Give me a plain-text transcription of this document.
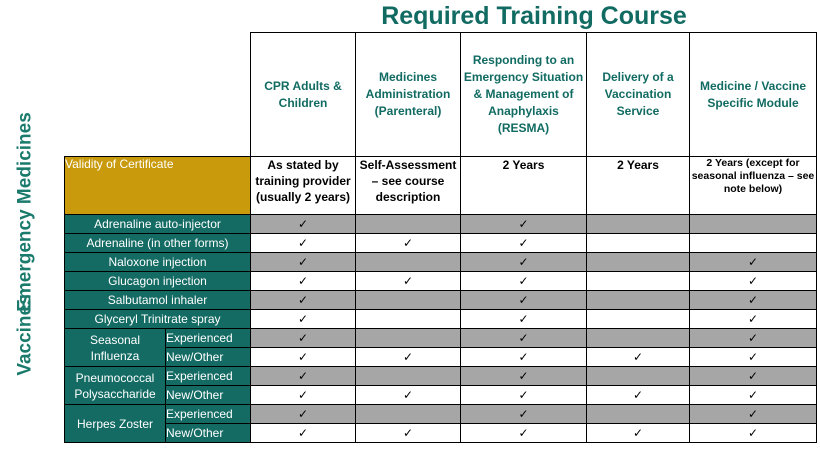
Required Training Course
Emergency Medicines
Vaccines
		CPR Adults & Children	Medicines Administration (Parenteral)	Responding to an Emergency Situation & Management of Anaphylaxis (RESMA)	Delivery of a Vaccination Service	Medicine / Vaccine Specific Module
Validity of Certificate		As stated by training provider (usually 2 years)	Self-Assessment – see course description	2 Years	2 Years	2 Years (except for seasonal influenza – see note below)
Adrenaline auto-injector		✓		✓		
Adrenaline (in other forms)		✓	✓	✓		
Naloxone injection		✓		✓		✓
Glucagon injection		✓	✓	✓		✓
Salbutamol inhaler		✓		✓		✓
Glyceryl Trinitrate spray		✓		✓		✓
Seasonal Influenza	Experienced	✓		✓		✓
	New/Other	✓	✓	✓	✓	✓
Pneumococcal Polysaccharide	Experienced	✓		✓		✓
	New/Other	✓	✓	✓	✓	✓
Herpes Zoster	Experienced	✓		✓		✓
	New/Other	✓	✓	✓	✓	✓
